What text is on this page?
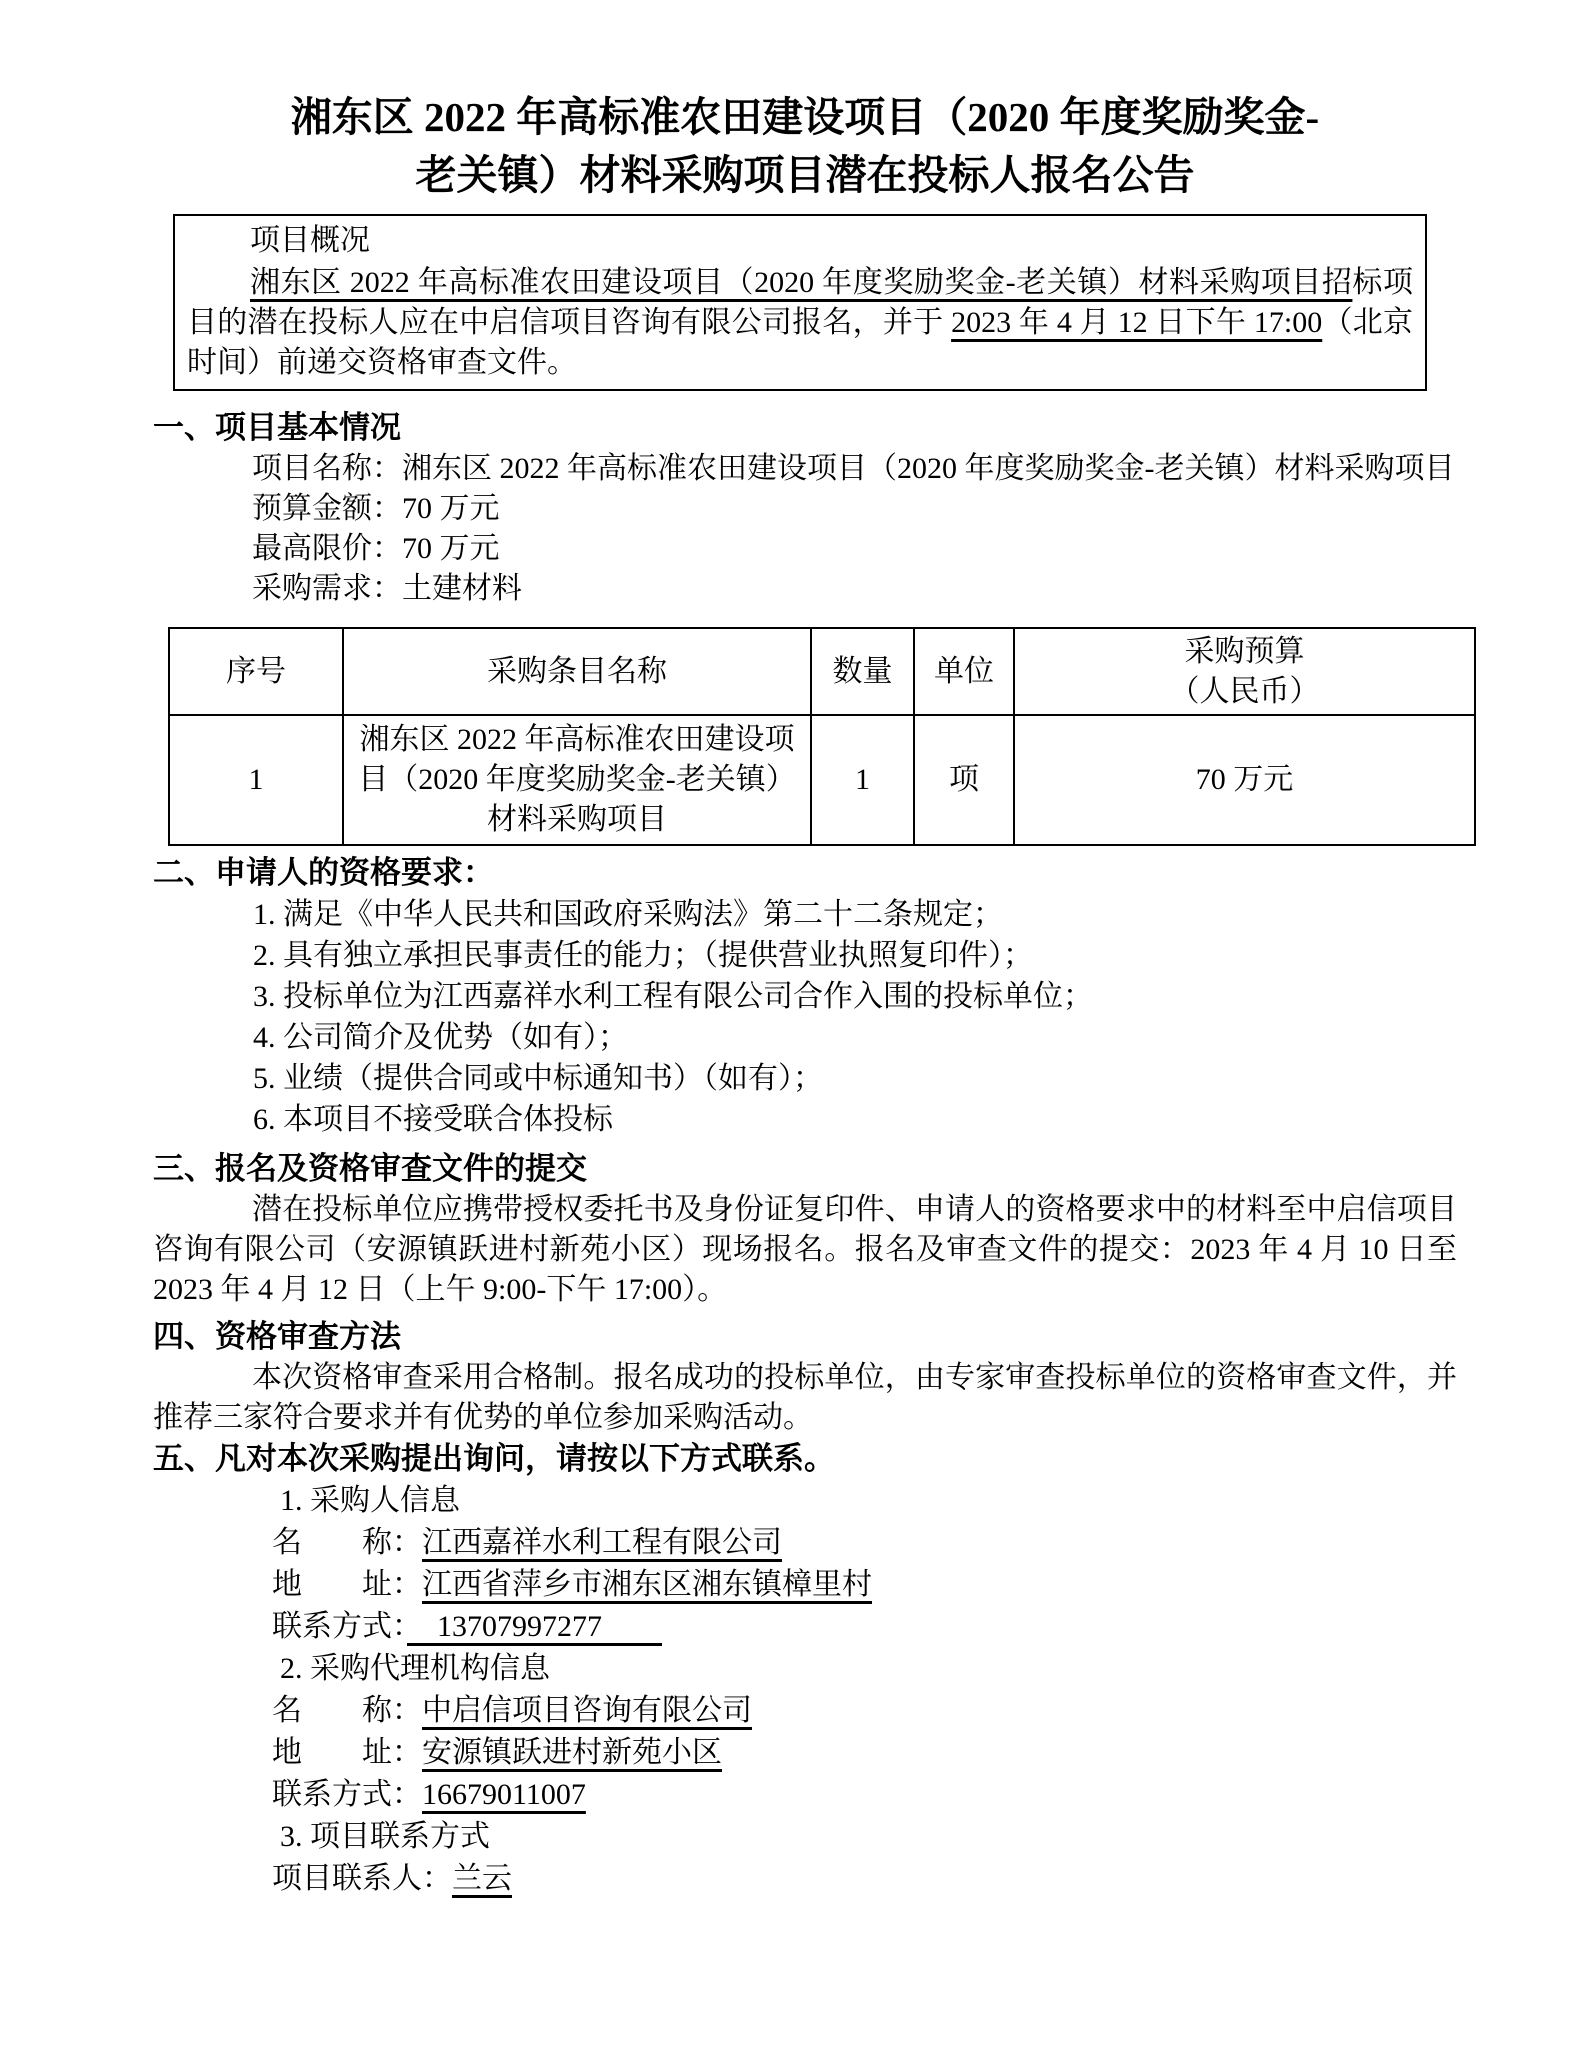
湘东区 2022 年高标准农田建设项目（2020 年度奖励奖金-
老关镇）材料采购项目潜在投标人报名公告

项目概况

湘东区 2022 年高标准农田建设项目（2020 年度奖励奖金-老关镇）材料采购项目招标项目的潜在投标人应在中启信项目咨询有限公司报名，并于 2023 年 4 月 12 日下午 17:00（北京时间）前递交资格审查文件。

一、项目基本情况

项目名称：湘东区 2022 年高标准农田建设项目（2020 年度奖励奖金-老关镇）材料采购项目

预算金额：70 万元

最高限价：70 万元

采购需求：土建材料

序号	采购条目名称	数量	单位	采购预算
（人民币）

1	湘东区 2022 年高标准农田建设项目（2020 年度奖励奖金-老关镇）材料采购项目	1	项	70 万元

二、申请人的资格要求：

1. 满足《中华人民共和国政府采购法》第二十二条规定；

2. 具有独立承担民事责任的能力；（提供营业执照复印件）；

3. 投标单位为江西嘉祥水利工程有限公司合作入围的投标单位；

4. 公司简介及优势（如有）；

5. 业绩（提供合同或中标通知书）（如有）；

6. 本项目不接受联合体投标

三、报名及资格审查文件的提交

潜在投标单位应携带授权委托书及身份证复印件、申请人的资格要求中的材料至中启信项目咨询有限公司（安源镇跃进村新苑小区）现场报名。报名及审查文件的提交：2023 年 4 月 10 日至 2023 年 4 月 12 日（上午 9:00-下午 17:00）。

四、资格审查方法

本次资格审查采用合格制。报名成功的投标单位，由专家审查投标单位的资格审查文件，并推荐三家符合要求并有优势的单位参加采购活动。

五、凡对本次采购提出询问，请按以下方式联系。

1. 采购人信息

名　　称：江西嘉祥水利工程有限公司

地　　址：江西省萍乡市湘东区湘东镇樟里村

联系方式：　13707997277　　

2. 采购代理机构信息

名　　称：中启信项目咨询有限公司

地　　址：安源镇跃进村新苑小区

联系方式：16679011007

3. 项目联系方式

项目联系人：兰云
